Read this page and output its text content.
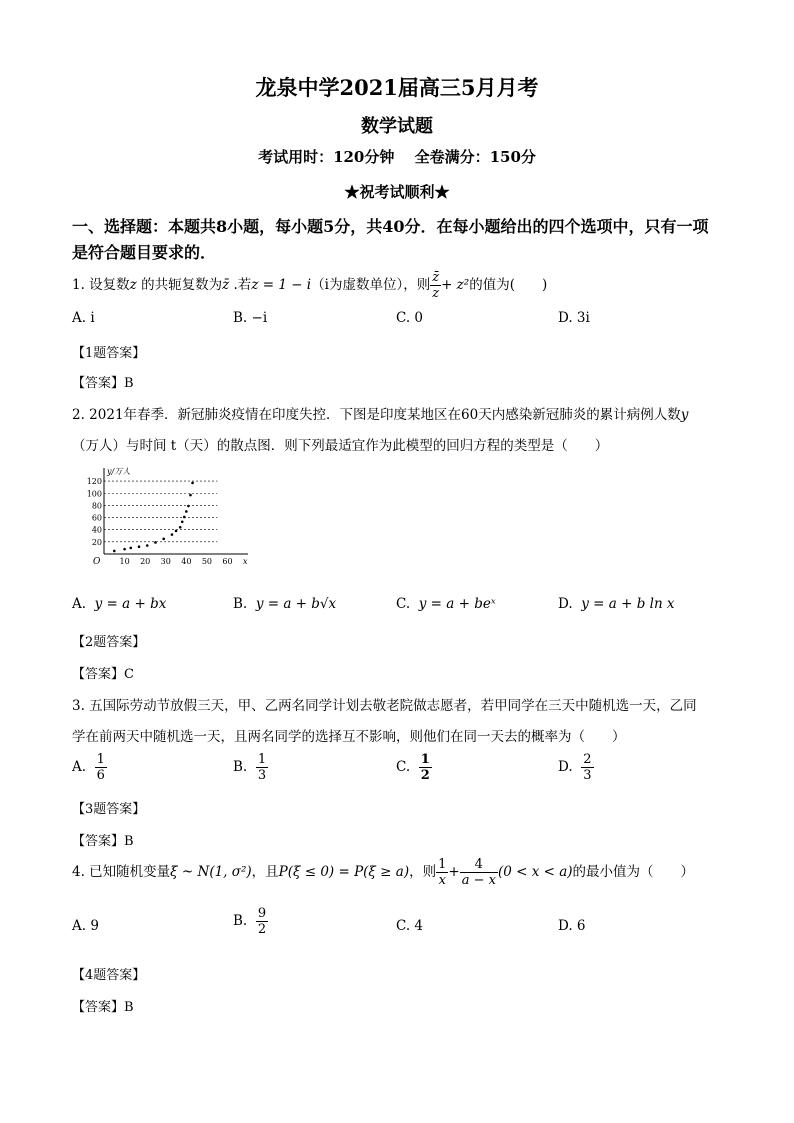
龙泉中学2021届高三5月月考
数学试题
考试用时：120分钟　 全卷满分：150分
★祝考试顺利★
一、选择题：本题共8小题，每小题5分，共40分．在每小题给出的四个选项中，只有一项
是符合题目要求的．
1. 设复数z 的共轭复数为z̄ .若z = 1 − i（i为虚数单位），则 $\frac{z̄}{z} + z^2$的值为(　　)
A. i	B. −i	C. 0	D. 3i
【1题答案】
【答案】B
2. 2021年春季．新冠肺炎疫情在印度失控．下图是印度某地区在60天内感染新冠肺炎的累计病例人数y
（万人）与时间 t（天）的散点图．则下列最适宜作为此模型的回归方程的类型是（　　）
20
40
60
80
100
120
10 20 30 40 50 60
y/万人
x
O
A. y = a + bx	B. y = a + b√x	C. y = a + beˣ	D. y = a + b ln x
【2题答案】
【答案】C
3. 五国际劳动节放假三天，甲、乙两名同学计划去敬老院做志愿者，若甲同学在三天中随机选一天，乙同
学在前两天中随机选一天，且两名同学的选择互不影响，则他们在同一天去的概率为（　　）
A. $\frac{1}{6}$	B. $\frac{1}{3}$	C. $\frac{1}{2}$	D. $\frac{2}{3}$
【3题答案】
【答案】B
4. 已知随机变量ξ ~ N(1, σ²)，且P(ξ ≤ 0) = P(ξ ≥ a)，则 $\frac{1}{x} + \frac{4}{a - x} (0 < x < a)$的最小值为（　　）
A. 9	B. $\frac{9}{2}$	C. 4	D. 6
【4题答案】
【答案】B
